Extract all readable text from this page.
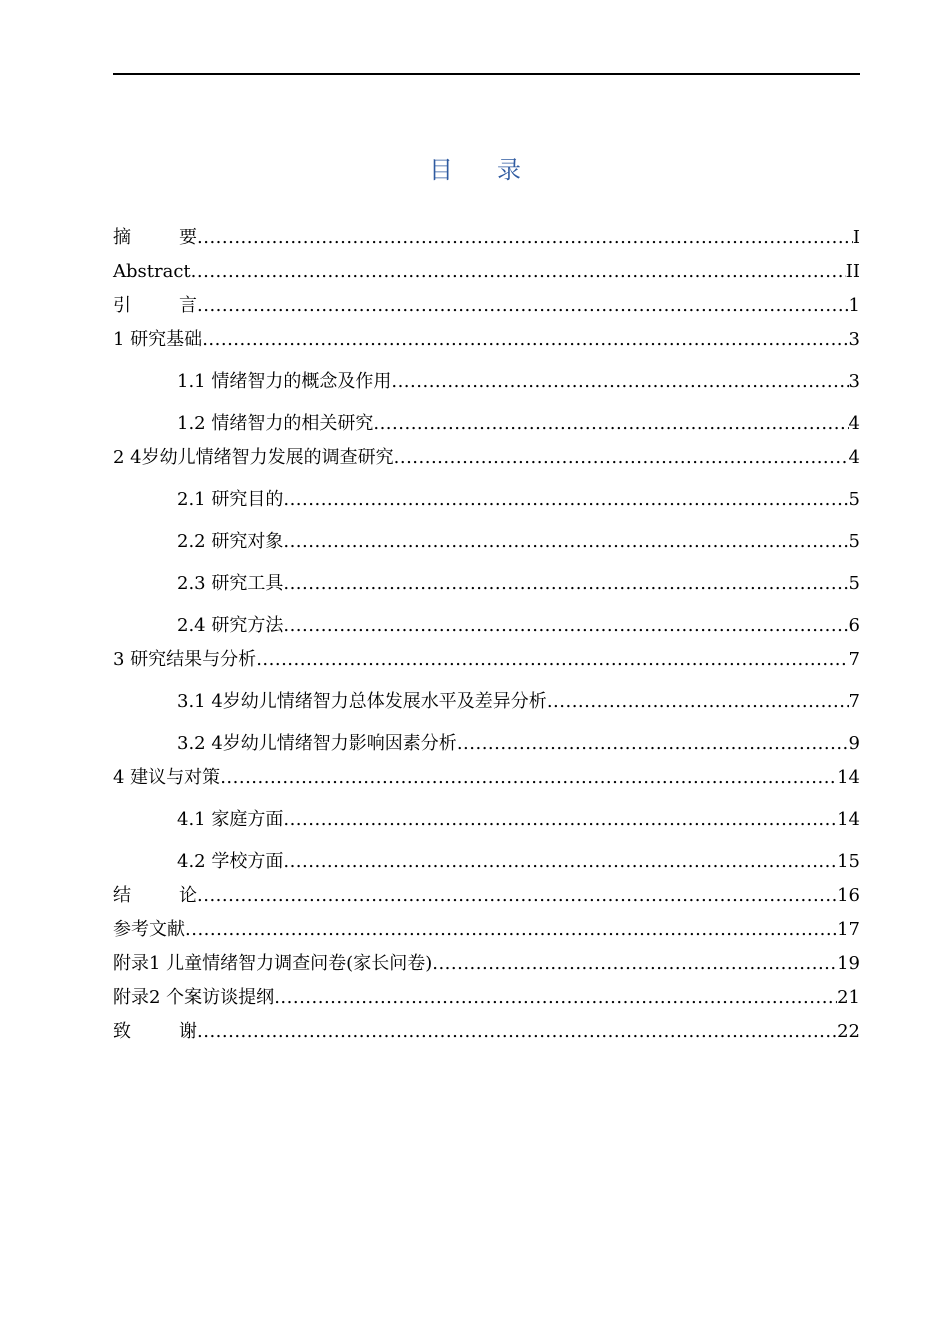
目 录
摘	要 .....	I
Abstract .....	II
引	言 .....	1
1 研究基础 .....	3
1.1 情绪智力的概念及作用 .....	3
1.2 情绪智力的相关研究 .....	4
2 4岁幼儿情绪智力发展的调查研究 .....	4
2.1 研究目的 .....	5
2.2 研究对象 .....	5
2.3 研究工具 .....	5
2.4 研究方法 .....	6
3 研究结果与分析 .....	7
3.1 4岁幼儿情绪智力总体发展水平及差异分析 .....	7
3.2 4岁幼儿情绪智力影响因素分析 .....	9
4 建议与对策 .....	14
4.1 家庭方面 .....	14
4.2 学校方面 .....	15
结	论 .....	16
参考文献 .....	17
附录1 儿童情绪智力调查问卷(家长问卷) .....	19
附录2 个案访谈提纲 .....	21
致	谢 .....	22
